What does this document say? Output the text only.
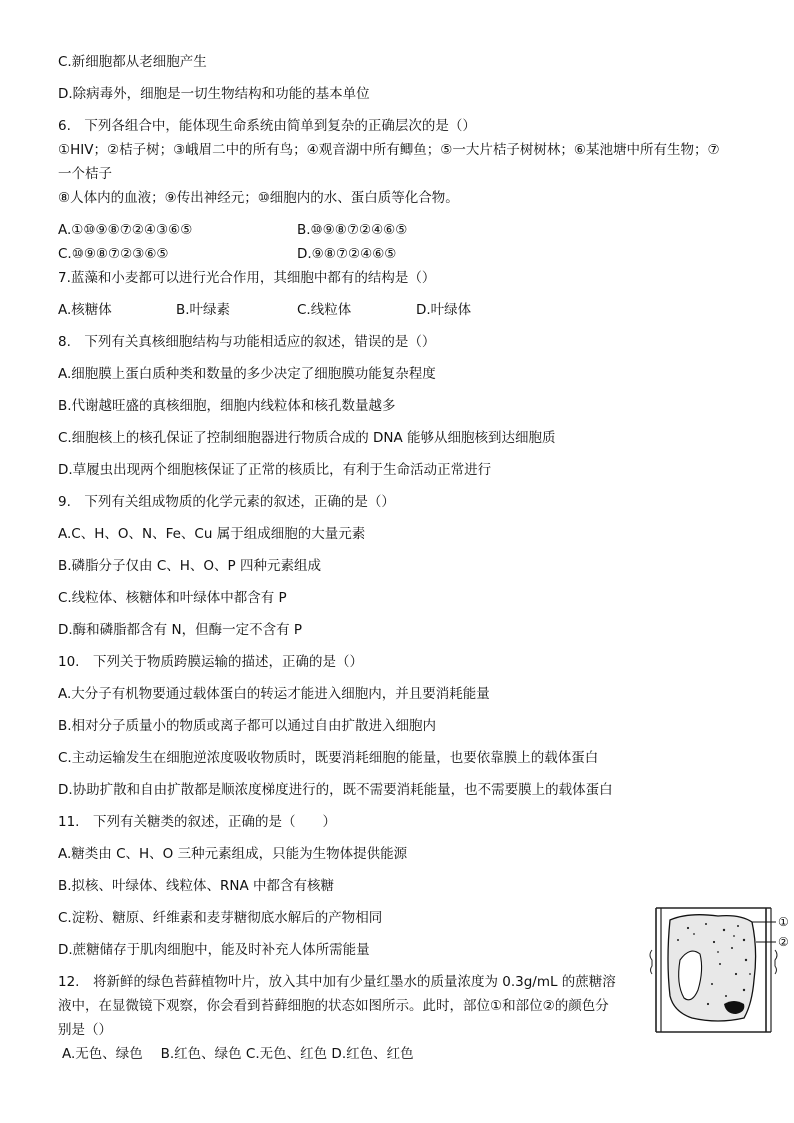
C.新细胞都从老细胞产生
D.除病毒外，细胞是一切生物结构和功能的基本单位
6.　下列各组合中，能体现生命系统由简单到复杂的正确层次的是（）
①HIV；②桔子树；③峨眉二中的所有鸟；④观音湖中所有鲫鱼；⑤一大片桔子树树林；⑥某池塘中所有生物；⑦
一个桔子
⑧人体内的血液；⑨传出神经元；⑩细胞内的水、蛋白质等化合物。
A.①⑩⑨⑧⑦②④③⑥⑤	B.⑩⑨⑧⑦②④⑥⑤
C.⑩⑨⑧⑦②③⑥⑤	D.⑨⑧⑦②④⑥⑤
7.蓝藻和小麦都可以进行光合作用，其细胞中都有的结构是（）
A.核糖体	B.叶绿素	C.线粒体	D.叶绿体
8.　下列有关真核细胞结构与功能相适应的叙述，错误的是（）
A.细胞膜上蛋白质种类和数量的多少决定了细胞膜功能复杂程度
B.代谢越旺盛的真核细胞，细胞内线粒体和核孔数量越多
C.细胞核上的核孔保证了控制细胞器进行物质合成的 DNA 能够从细胞核到达细胞质
D.草履虫出现两个细胞核保证了正常的核质比，有利于生命活动正常进行
9.　下列有关组成物质的化学元素的叙述，正确的是（）
A.C、H、O、N、Fe、Cu 属于组成细胞的大量元素
B.磷脂分子仅由 C、H、O、P 四种元素组成
C.线粒体、核糖体和叶绿体中都含有 P
D.酶和磷脂都含有 N，但酶一定不含有 P
10.　下列关于物质跨膜运输的描述，正确的是（）
A.大分子有机物要通过载体蛋白的转运才能进入细胞内，并且要消耗能量
B.相对分子质量小的物质或离子都可以通过自由扩散进入细胞内
C.主动运输发生在细胞逆浓度吸收物质时，既要消耗细胞的能量，也要依靠膜上的载体蛋白
D.协助扩散和自由扩散都是顺浓度梯度进行的，既不需要消耗能量，也不需要膜上的载体蛋白
11.　下列有关糖类的叙述，正确的是（　　）
A.糖类由 C、H、O 三种元素组成，只能为生物体提供能源
B.拟核、叶绿体、线粒体、RNA 中都含有核糖
C.淀粉、糖原、纤维素和麦芽糖彻底水解后的产物相同
D.蔗糖储存于肌肉细胞中，能及时补充人体所需能量
12.　将新鲜的绿色苔藓植物叶片，放入其中加有少量红墨水的质量浓度为 0.3g/mL 的蔗糖溶
液中，在显微镜下观察，你会看到苔藓细胞的状态如图所示。此时，部位①和部位②的颜色分
别是（）
A.无色、绿色　 B.红色、绿色 C.无色、红色 D.红色、红色
①
②
